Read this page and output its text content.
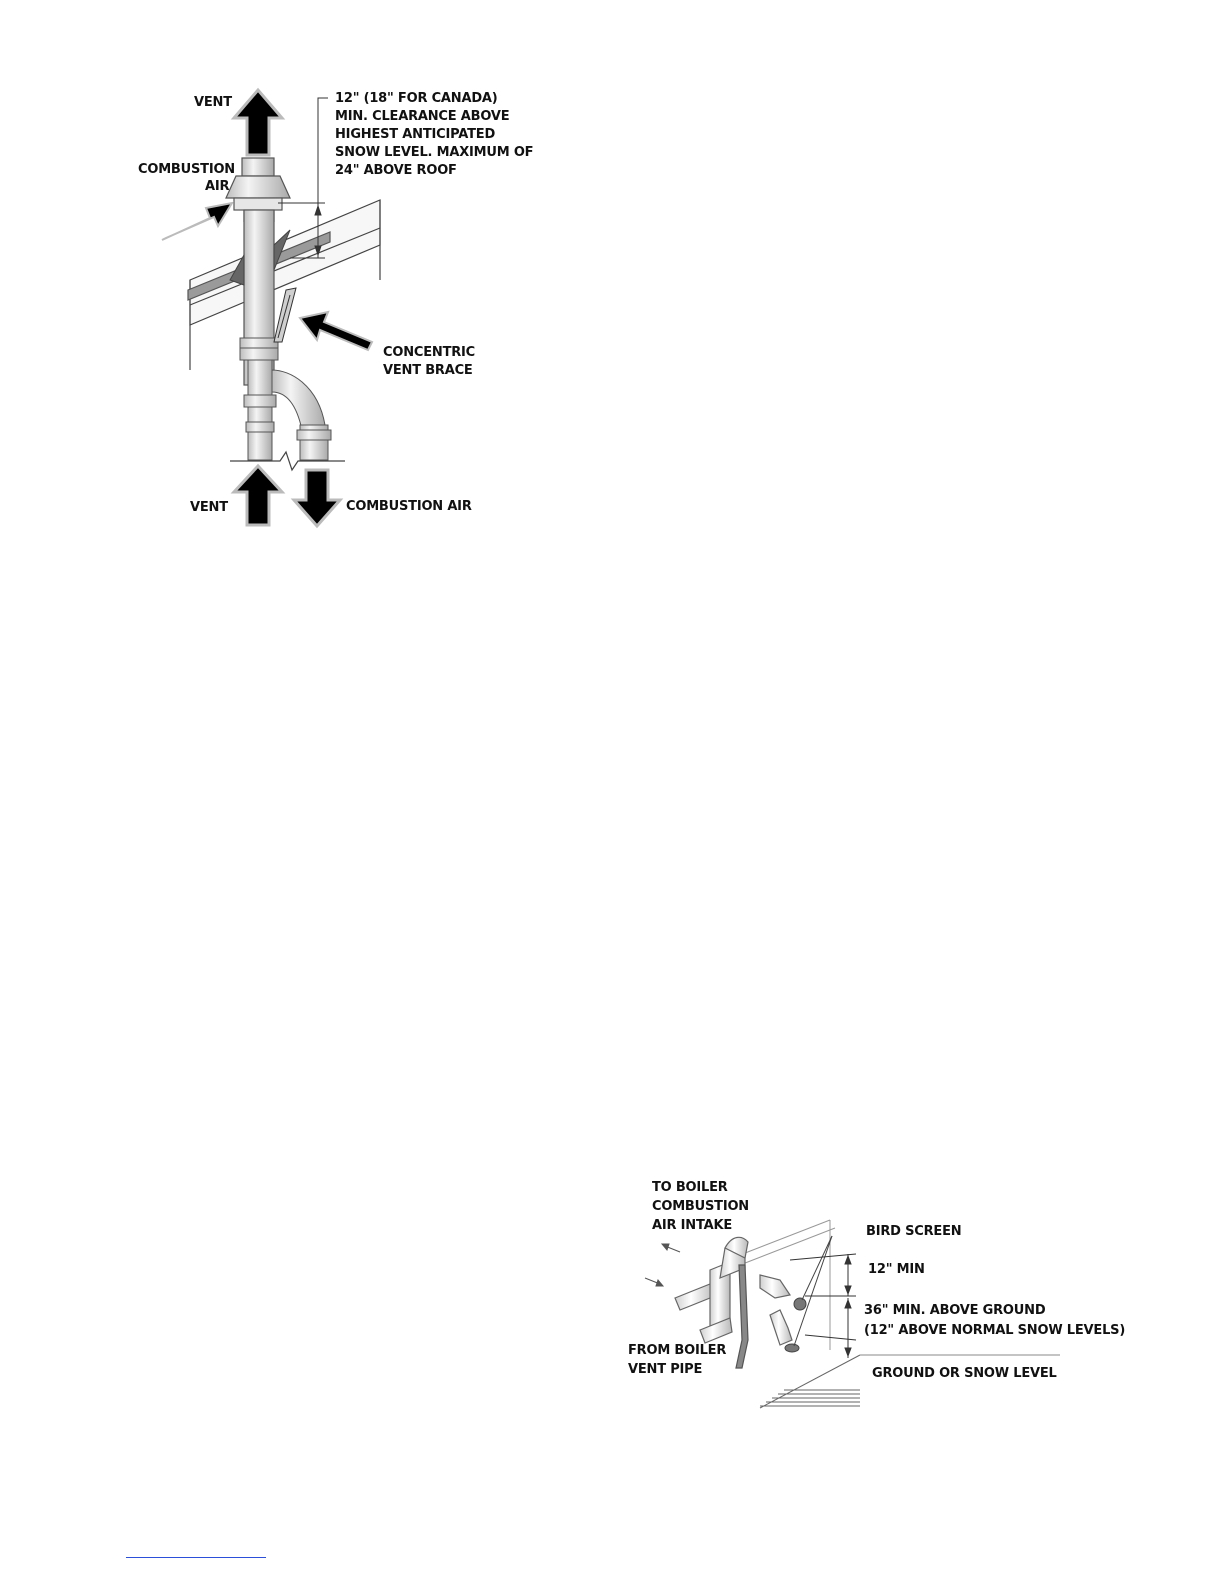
VENT	12" (18" FOR CANADA)
MIN. CLEARANCE ABOVE
HIGHEST ANTICIPATED
SNOW LEVEL. MAXIMUM OF
24" ABOVE ROOF
COMBUSTION
AIR
CONCENTRIC
VENT BRACE
VENT	COMBUSTION AIR
TO BOILER
COMBUSTION
AIR INTAKE	BIRD SCREEN
12" MIN
36" MIN. ABOVE GROUND
(12" ABOVE NORMAL SNOW LEVELS)
FROM BOILER
VENT PIPE	GROUND OR SNOW LEVEL
